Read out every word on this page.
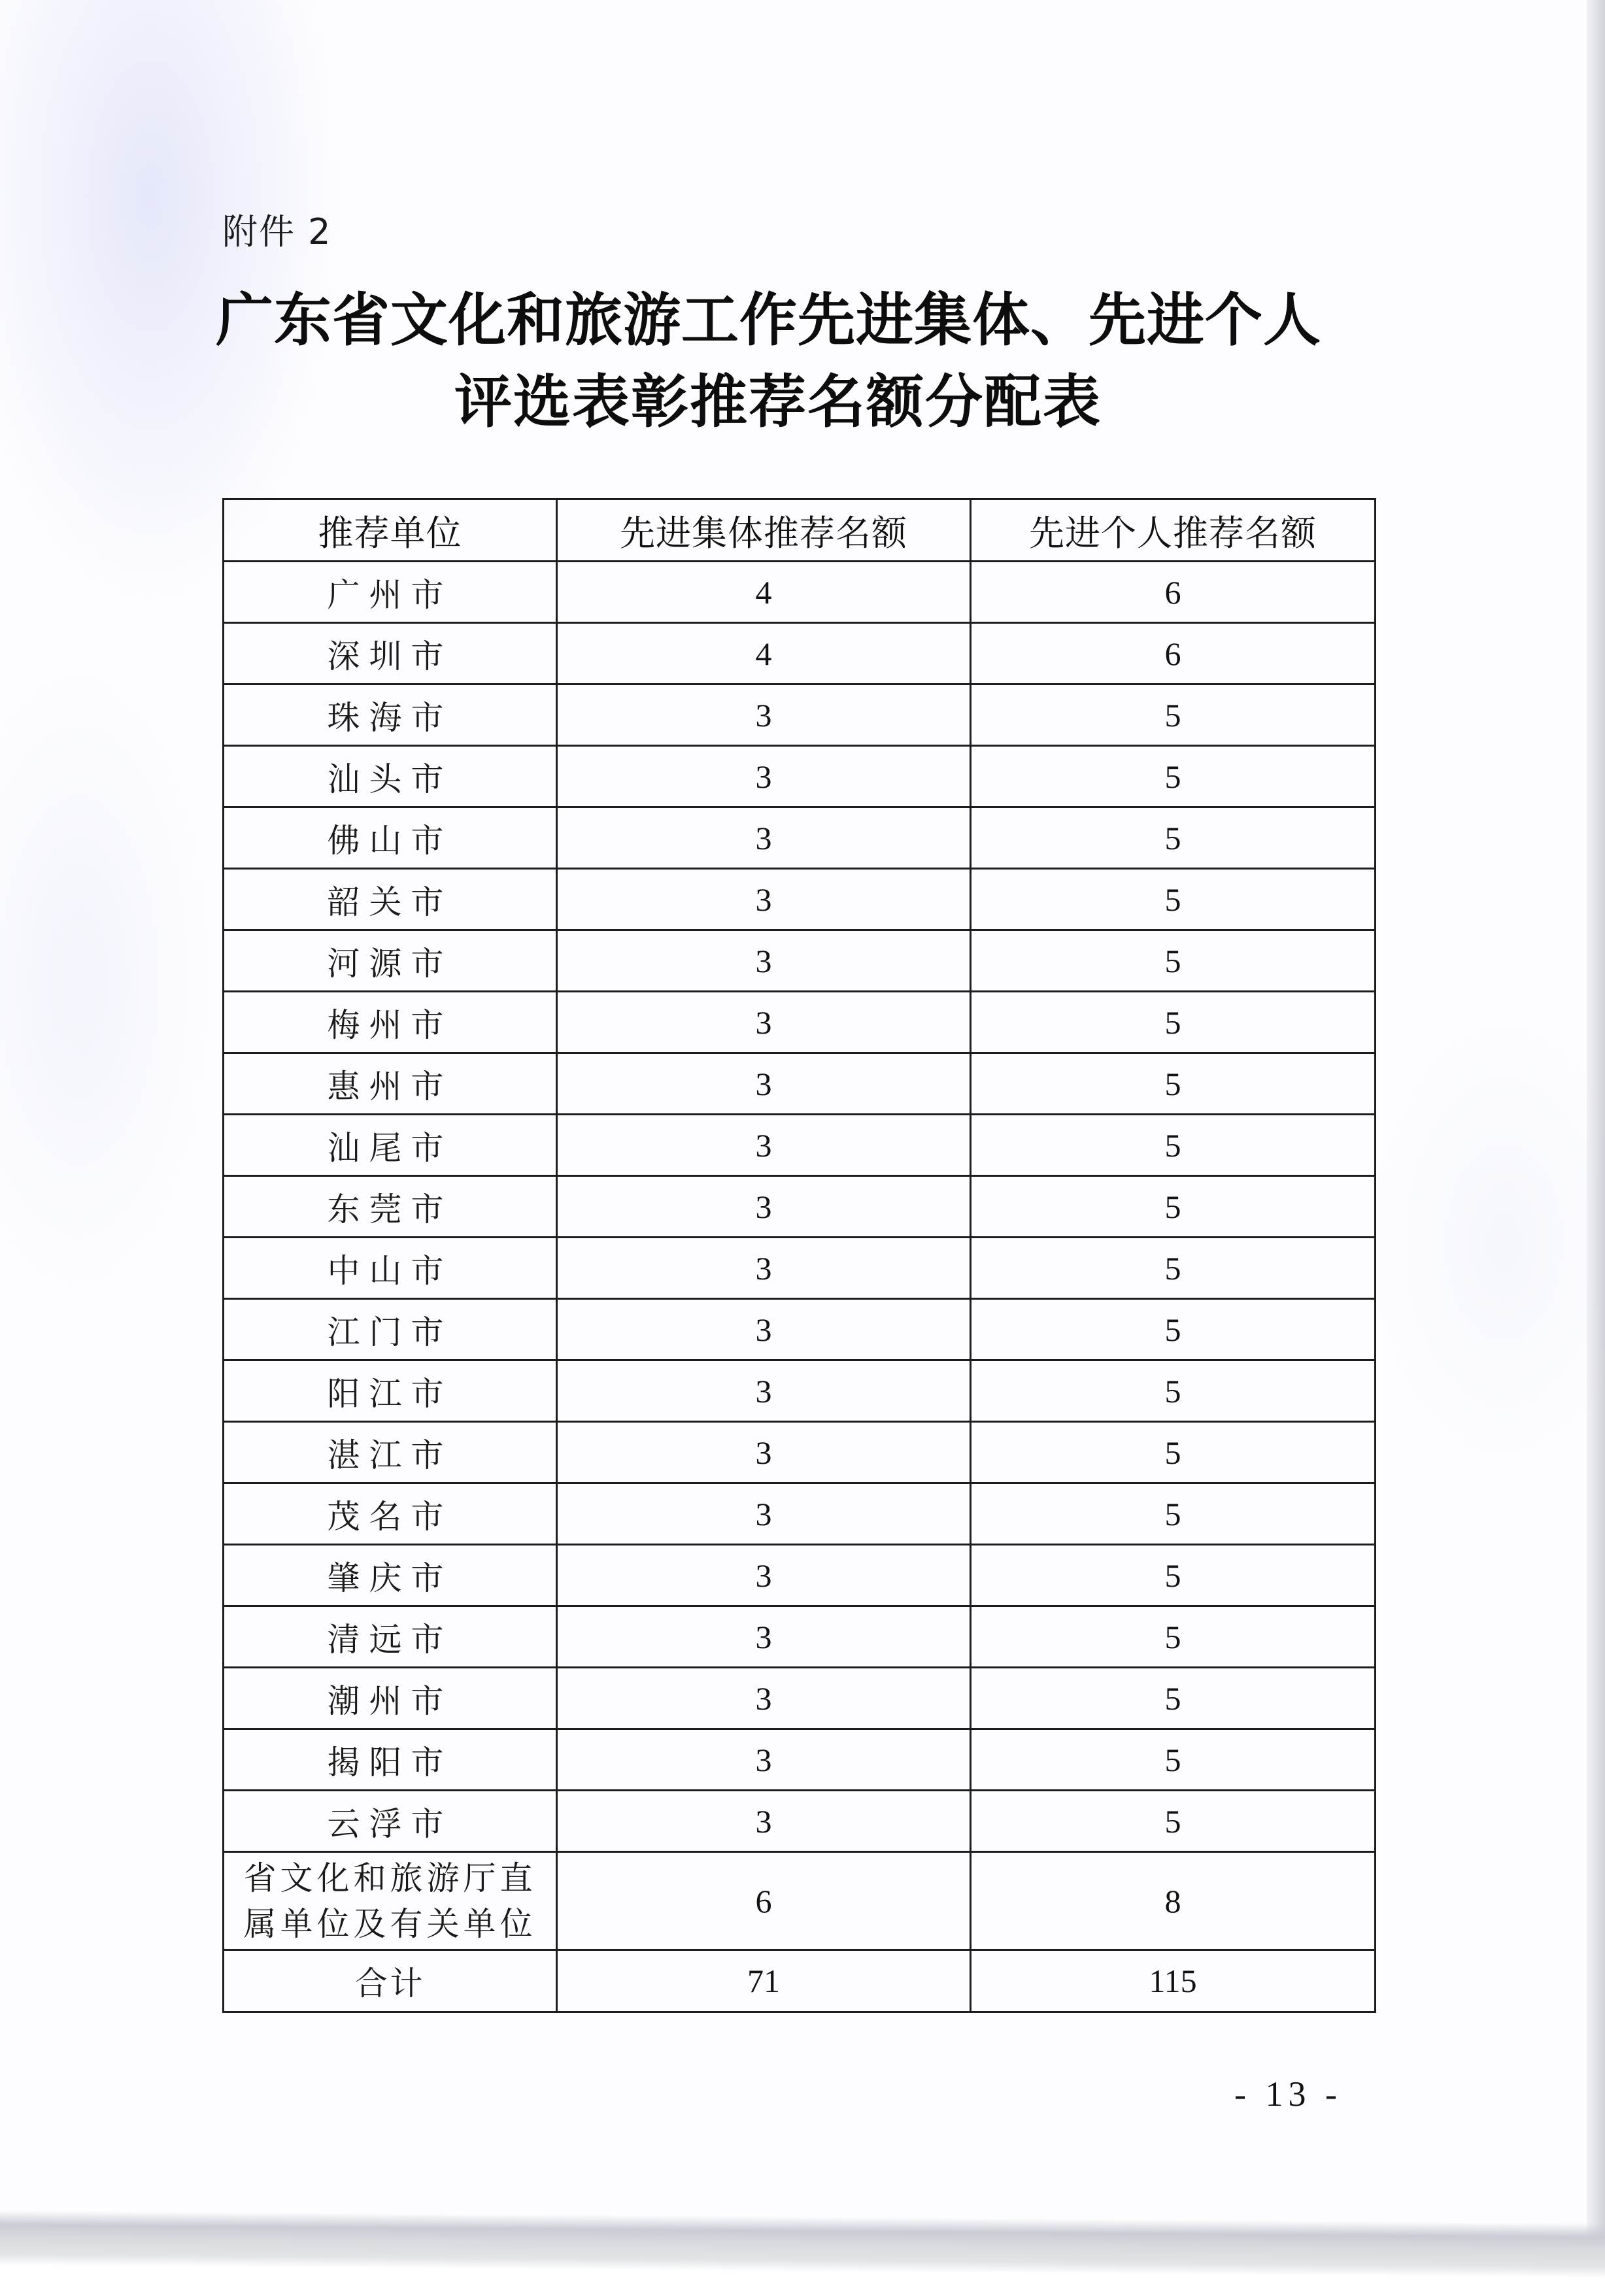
附件 2
广东省文化和旅游工作先进集体、先进个人
评选表彰推荐名额分配表
推荐单位	先进集体推荐名额	先进个人推荐名额
广州市	4	6
深圳市	4	6
珠海市	3	5
汕头市	3	5
佛山市	3	5
韶关市	3	5
河源市	3	5
梅州市	3	5
惠州市	3	5
汕尾市	3	5
东莞市	3	5
中山市	3	5
江门市	3	5
阳江市	3	5
湛江市	3	5
茂名市	3	5
肇庆市	3	5
清远市	3	5
潮州市	3	5
揭阳市	3	5
云浮市	3	5

省文化和旅游厅直
属单位及有关单位	6	8
合计	71	115
- 13 -
